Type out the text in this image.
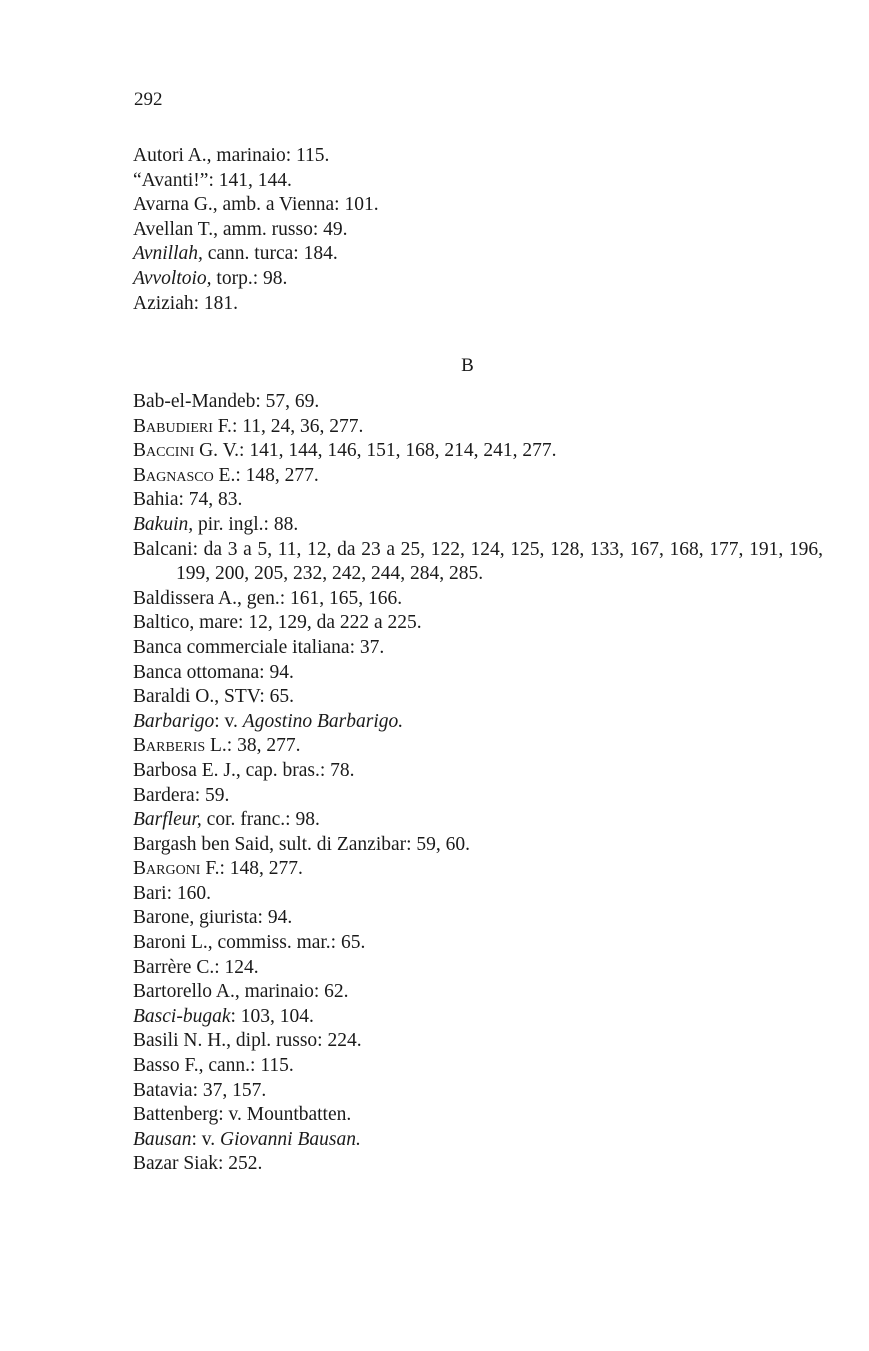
292
Autori A., marinaio: 115.
“Avanti!”: 141, 144.
Avarna G., amb. a Vienna: 101.
Avellan T., amm. russo: 49.
Avnillah, cann. turca: 184.
Avvoltoio, torp.: 98.
Aziziah: 181.
B
Bab-el-Mandeb: 57, 69.
Babudieri F.: 11, 24, 36, 277.
Baccini G. V.: 141, 144, 146, 151, 168, 214, 241, 277.
Bagnasco E.: 148, 277.
Bahia: 74, 83.
Bakuin, pir. ingl.: 88.
Balcani: da 3 a 5, 11, 12, da 23 a 25, 122, 124, 125, 128, 133, 167, 168, 177, 191, 196, 199, 200, 205, 232, 242, 244, 284, 285.
Baldissera A., gen.: 161, 165, 166.
Baltico, mare: 12, 129, da 222 a 225.
Banca commerciale italiana: 37.
Banca ottomana: 94.
Baraldi O., STV: 65.
Barbarigo: v. Agostino Barbarigo.
Barberis L.: 38, 277.
Barbosa E. J., cap. bras.: 78.
Bardera: 59.
Barfleur, cor. franc.: 98.
Bargash ben Said, sult. di Zanzibar: 59, 60.
Bargoni F.: 148, 277.
Bari: 160.
Barone, giurista: 94.
Baroni L., commiss. mar.: 65.
Barrère C.: 124.
Bartorello A., marinaio: 62.
Basci-bugak: 103, 104.
Basili N. H., dipl. russo: 224.
Basso F., cann.: 115.
Batavia: 37, 157.
Battenberg: v. Mountbatten.
Bausan: v. Giovanni Bausan.
Bazar Siak: 252.
